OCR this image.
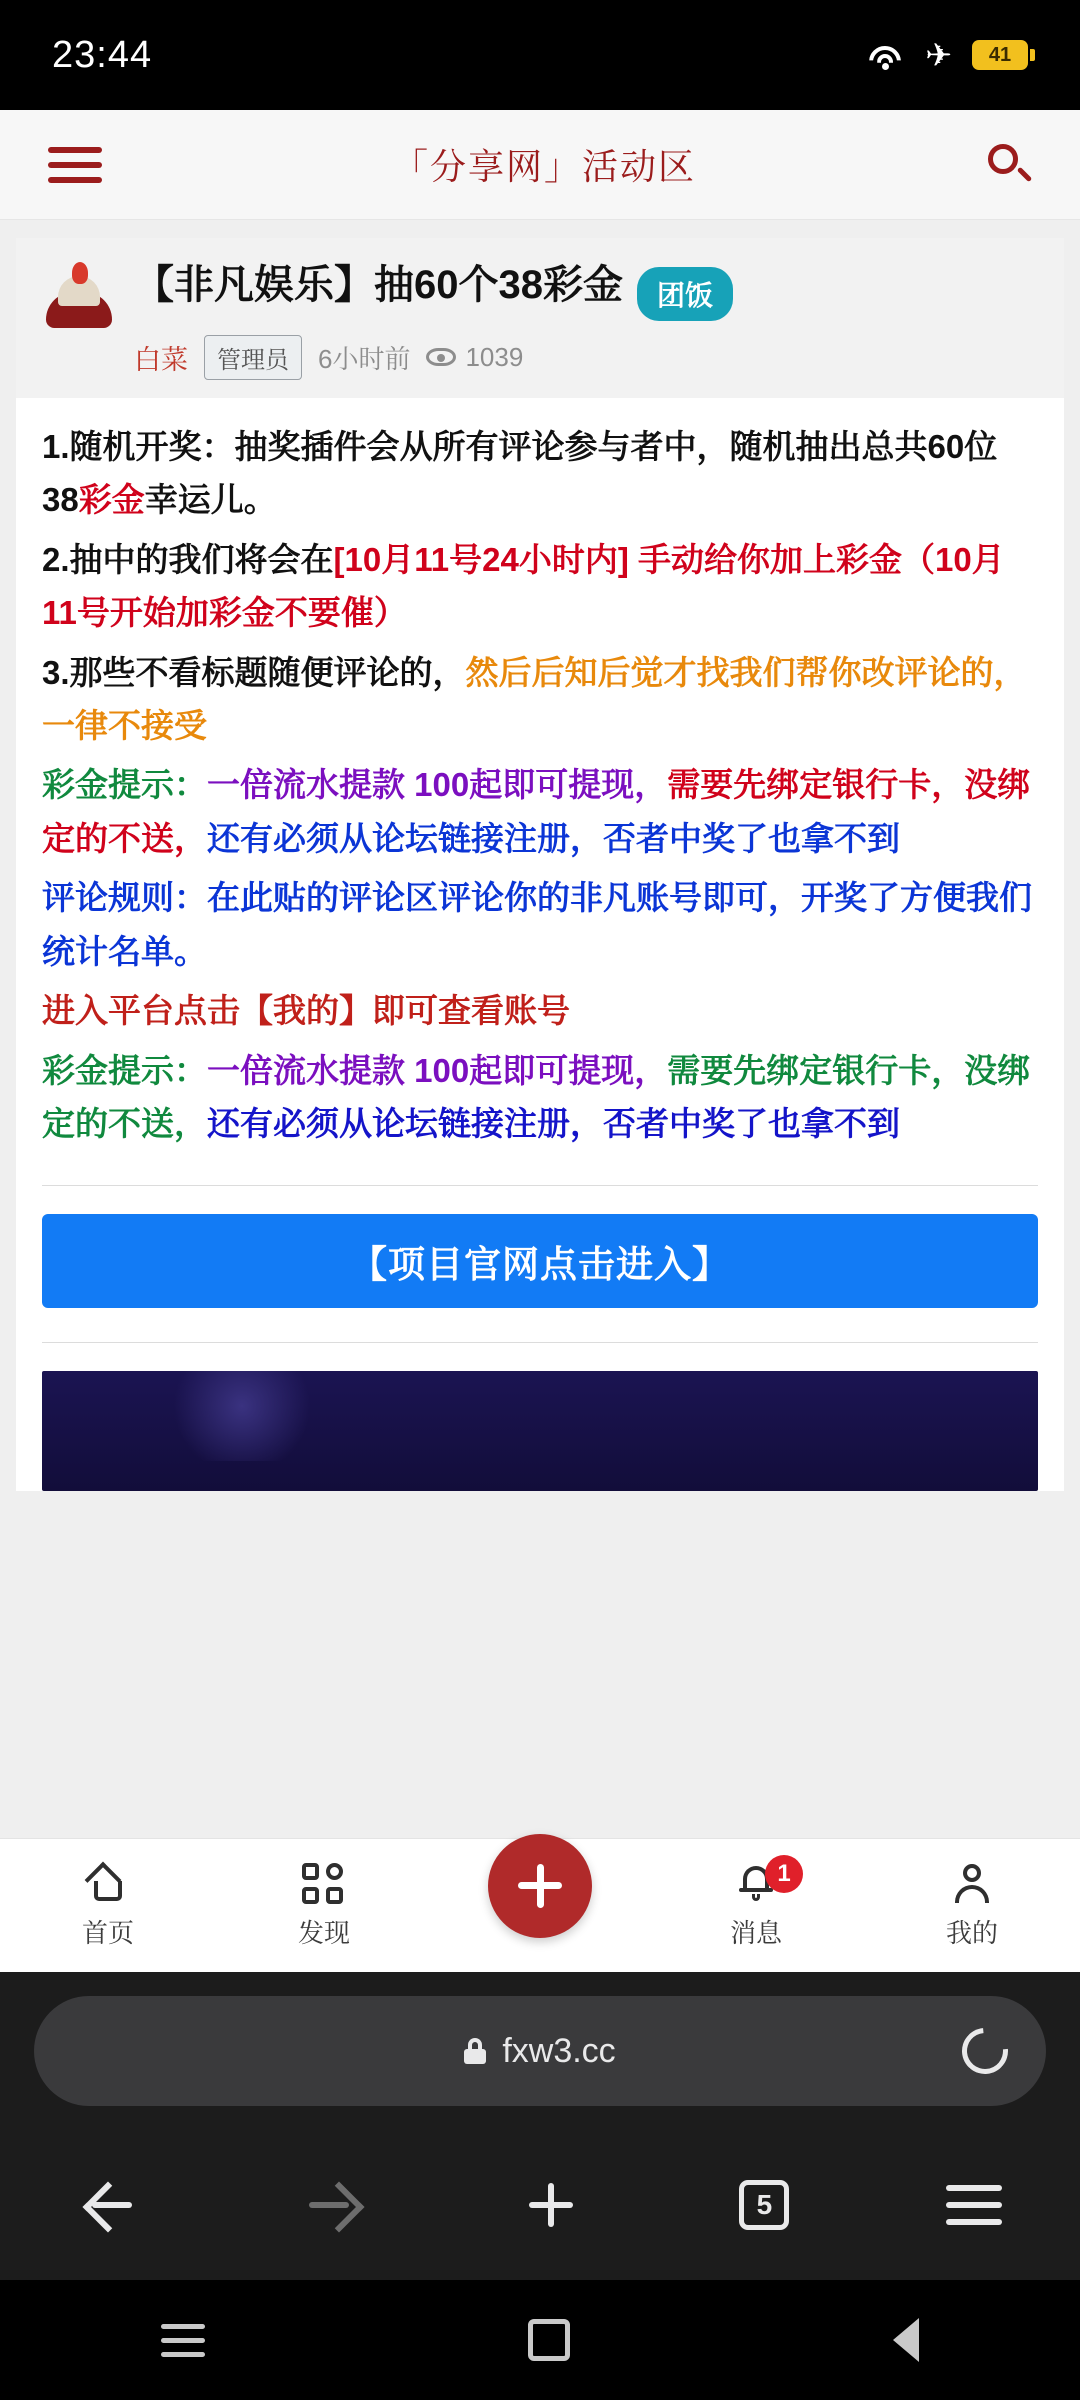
23:44	✈	41
「分享网」活动区
【非凡娱乐】抽60个38彩金 团饭
白菜	管理员	6小时前 1039
1.随机开奖：抽奖插件会从所有评论参与者中，随机抽出总共60位 38彩金幸运儿。
2.抽中的我们将会在[10月11号24小时内] 手动给你加上彩金（10月11号开始加彩金不要催）
3.那些不看标题随便评论的，然后后知后觉才找我们帮你改评论的，一律不接受
彩金提示：一倍流水提款 100起即可提现，需要先绑定银行卡，没绑定的不送，还有必须从论坛链接注册，否者中奖了也拿不到
评论规则：在此贴的评论区评论你的非凡账号即可，开奖了方便我们统计名单。
进入平台点击【我的】即可查看账号
彩金提示：一倍流水提款 100起即可提现，需要先绑定银行卡，没绑定的不送，还有必须从论坛链接注册，否者中奖了也拿不到
【项目官网点击进入】
首页	发现
1
消息	我的
fxw3.cc
5
